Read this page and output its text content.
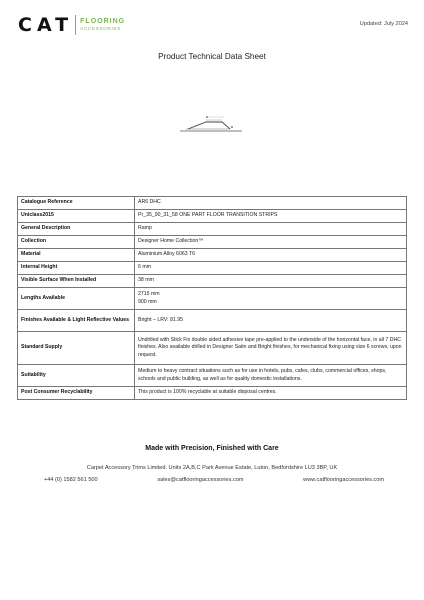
CAT FLOORING
ACCESSORIES
Updated: July 2024
Product Technical Data Sheet
Catalogue Reference	AR6 DHC
Uniclass2015	Pr_35_90_31_58 ONE PART FLOOR TRANSITION STRIPS
General Description	Ramp
Collection	Designer Home Collection™
Material	Aluminium Alloy 6063 T6
Internal Height	6 mm
Visible Surface When Installed	38 mm
Lengths Available	2715 mm
900 mm
Finishes Available & Light Reflective Values	Bright – LRV: 81.95
Standard Supply	Undrilled with Stick Fix double sided adhesive tape pre-applied to the underside of the horizontal face, in all 7 DHC finishes. Also available drilled in Designer Satin and Bright finishes, for mechanical fixing using size 6 screws, upon request.
Suitability	Medium to heavy contract situations such as for use in hotels, pubs, cafes, clubs, commercial offices, shops, schools and public building, as well as for quality domestic installations.
Post Consumer Recyclability	This product is 100% recyclable at suitable disposal centres.
Made with Precision, Finished with Care
Carpet Accessory Trims Limited. Units 2A,B,C Park Avenue Estate, Luton, Bedfordshire LU3 3BP, UK
+44 (0) 1582 561 500	sales@catflooringaccessories.com	www.catflooringaccessories.com
